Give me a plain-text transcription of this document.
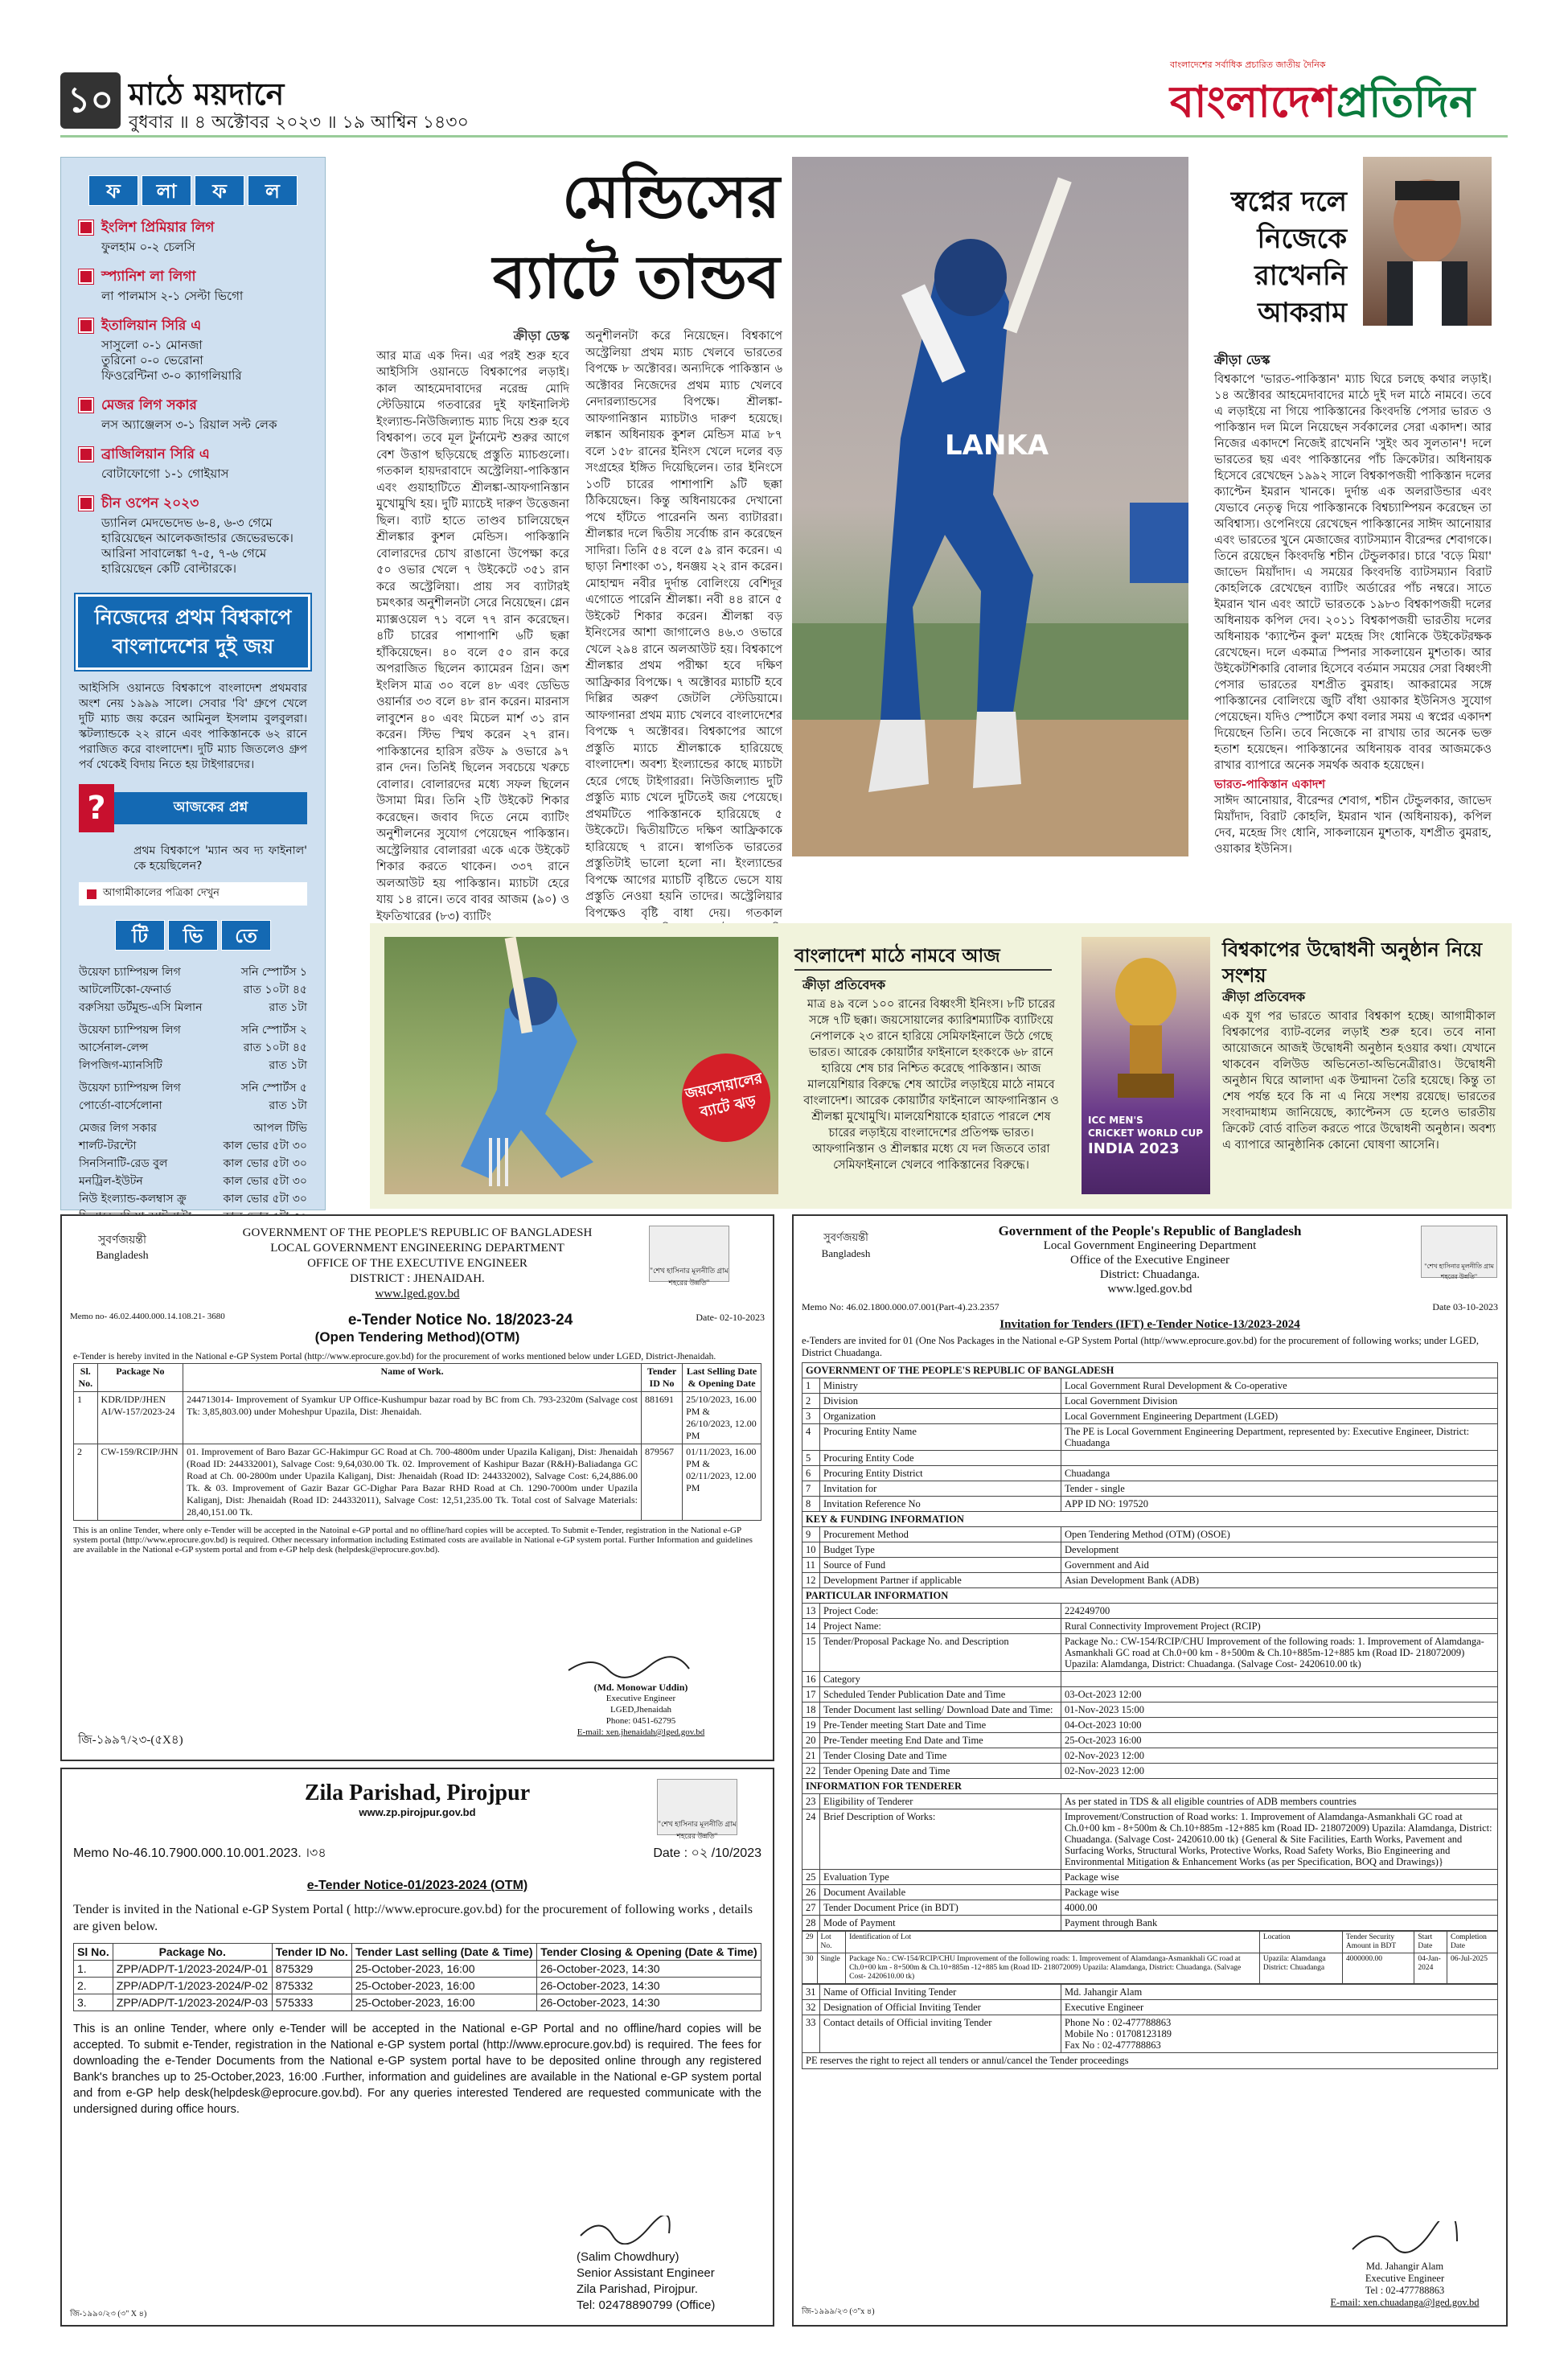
১০ মাঠে ময়দানে
বুধবার ॥ ৪ অক্টোবর ২০২৩ ॥ ১৯ আশ্বিন ১৪৩০
বাংলাদেশের সর্বাধিক প্রচারিত জাতীয় দৈনিক
বাংলাদেশপ্রতিদিন
ফ	লা	ফ	ল
ইংলিশ প্রিমিয়ার লিগ
ফুলহাম ০-২ চেলসি
স্প্যানিশ লা লিগা
লা পালমাস ২-১ সেল্টা ভিগো
ইতালিয়ান সিরি এ
সাসুলো ০-১ মোনজা
তুরিনো ০-০ ভেরোনা
ফিওরেন্টিনা ৩-০ ক্যাগলিয়ারি
মেজর লিগ সকার
লস অ্যাঞ্জেলস ৩-১ রিয়াল সল্ট লেক
ব্রাজিলিয়ান সিরি এ
বোটাফোগো ১-১ গোইয়াস
চীন ওপেন ২০২৩
ড্যানিল মেদভেদেভ ৬-৪, ৬-৩ গেমে হারিয়েছেন আলেকজান্ডার জেভেরভকে।
আরিনা সাবালেঙ্কা ৭-৫, ৭-৬ গেমে হারিয়েছেন কেটি বোল্টারকে।
নিজেদের প্রথম বিশ্বকাপে বাংলাদেশের দুই জয়
আইসিসি ওয়ানডে বিশ্বকাপে বাংলাদেশ প্রথমবার অংশ নেয় ১৯৯৯ সালে। সেবার 'বি' গ্রুপে খেলে দুটি ম্যাচ জয় করেন আমিনুল ইসলাম বুলবুলরা। স্কটল্যান্ডকে ২২ রানে এবং পাকিস্তানকে ৬২ রানে পরাজিত করে বাংলাদেশ। দুটি ম্যাচ জিতলেও গ্রুপ পর্ব থেকেই বিদায় নিতে হয় টাইগারদের।
?	আজকের প্রশ্ন
প্রথম বিশ্বকাপে 'ম্যান অব দ্য ফাইনাল' কে হয়েছিলেন?
আগামীকালের পত্রিকা দেখুন
টি	ভি	তে
উয়েফা চ্যাম্পিয়ন্স লিগ	সনি স্পোর্টস ১
আটলেটিকো-ফেনার্ড	রাত ১০টা ৪৫
বরুসিয়া ডর্টমুন্ড-এসি মিলান	রাত ১টা
উয়েফা চ্যাম্পিয়ন্স লিগ	সনি স্পোর্টস ২
আর্সেনাল-লেন্স	রাত ১০টা ৪৫
লিপজিগ-ম্যানসিটি	রাত ১টা
উয়েফা চ্যাম্পিয়ন্স লিগ	সনি স্পোর্টস ৫
পোর্তো-বার্সেলোনা	রাত ১টা
মেজর লিগ সকার	আপল টিভি
শার্লট-টরন্টো	কাল ভোর ৫টা ৩০
সিনসিনাটি-রেড বুল	কাল ভোর ৫টা ৩০
মনট্রিল-ইউটন	কাল ভোর ৫টা ৩০
নিউ ইংল্যান্ড-কলম্বাস ক্রু	কাল ভোর ৫টা ৩০
মেন্ডিসের
ব্যাটে তান্ডব
ক্রীড়া ডেস্ক
আর মাত্র এক দিন। এর পরই শুরু হবে আইসিসি ওয়ানডে বিশ্বকাপের লড়াই। কাল আহমেদাবাদের নরেন্দ্র মোদি স্টেডিয়ামে গতবারের দুই ফাইনালিস্ট ইংল্যান্ড-নিউজিল্যান্ড ম্যাচ দিয়ে শুরু হবে বিশ্বকাপ। তবে মূল টুর্নামেন্ট শুরুর আগে বেশ উত্তাপ ছড়িয়েছে প্রস্তুতি ম্যাচগুলো। গতকাল হায়দরাবাদে অস্ট্রেলিয়া-পাকিস্তান এবং গুয়াহাটিতে শ্রীলঙ্কা-আফগানিস্তান মুখোমুখি হয়। দুটি ম্যাচেই দারুণ উত্তেজনা ছিল। ব্যাট হাতে তাণ্ডব চালিয়েছেন শ্রীলঙ্কার কুশল মেন্ডিস। পাকিস্তানি বোলারদের চোখ রাঙানো উপেক্ষা করে ৫০ ওভার খেলে ৭ উইকেটে ৩৫১ রান করে অস্ট্রেলিয়া। প্রায় সব ব্যাটারই চমৎকার অনুশীলনটা সেরে নিয়েছেন। গ্লেন ম্যাক্সওয়েল ৭১ বলে ৭৭ রান করেছেন। ৪টি চারের পাশাপাশি ৬টি ছক্কা হাঁকিয়েছেন। ৪০ বলে ৫০ রান করে অপরাজিত ছিলেন ক্যামেরন গ্রিন। জশ ইংলিস মাত্র ৩০ বলে ৪৮ এবং ডেভিড ওয়ার্নার ৩৩ বলে ৪৮ রান করেন। মারনাস লাবুশেন ৪০ এবং মিচেল মার্শ ৩১ রান করেন। স্টিভ স্মিথ করেন ২৭ রান। পাকিস্তানের হারিস রউফ ৯ ওভারে ৯৭ রান দেন। তিনিই ছিলেন সবচেয়ে খরুচে বোলার। বোলারদের মধ্যে সফল ছিলেন উসামা মির। তিনি ২টি উইকেট শিকার করেছেন। জবাব দিতে নেমে ব্যাটিং অনুশীলনের সুযোগ পেয়েছেন পাকিস্তান। অস্ট্রেলিয়ার বোলাররা একে একে উইকেট শিকার করতে থাকেন। ৩৩৭ রানে অলআউট হয় পাকিস্তান। ম্যাচটা হেরে যায় ১৪ রানে। তবে বাবর আজম (৯০) ও ইফতিখারের (৮৩) ব্যাটিং
অনুশীলনটা করে নিয়েছেন। বিশ্বকাপে অস্ট্রেলিয়া প্রথম ম্যাচ খেলবে ভারতের বিপক্ষে ৮ অক্টোবর। অন্যদিকে পাকিস্তান ৬ অক্টোবর নিজেদের প্রথম ম্যাচ খেলবে নেদারল্যান্ডসের বিপক্ষে। শ্রীলঙ্কা-আফগানিস্তান ম্যাচটাও দারুণ হয়েছে। লঙ্কান অধিনায়ক কুশল মেন্ডিস মাত্র ৮৭ বলে ১৫৮ রানের ইনিংস খেলে দলের বড় সংগ্রহের ইঙ্গিত দিয়েছিলেন। তার ইনিংসে ১৩টি চারের পাশাপাশি ৯টি ছক্কা ঠিকিয়েছেন। কিন্তু অধিনায়কের দেখানো পথে হাঁটতে পারেননি অন্য ব্যাটাররা। শ্রীলঙ্কার দলে দ্বিতীয় সর্বোচ্চ রান করেছেন সাদিরা। তিনি ৫৪ বলে ৫৯ রান করেন। এ ছাড়া নিশাংকা ৩১, ধনঞ্জয় ২২ রান করেন। মোহাম্মদ নবীর দুর্দান্ত বোলিংয়ে বেশিদূর এগোতে পারেনি শ্রীলঙ্কা। নবী ৪৪ রানে ৫ উইকেট শিকার করেন। শ্রীলঙ্কা বড় ইনিংসের আশা জাগালেও ৪৬.৩ ওভারে খেলে ২৯৪ রানে অলআউট হয়। বিশ্বকাপে শ্রীলঙ্কার প্রথম পরীক্ষা হবে দক্ষিণ আফ্রিকার বিপক্ষে। ৭ অক্টোবর ম্যাচটি হবে দিল্লির অরুণ জেটলি স্টেডিয়ামে। আফগানরা প্রথম ম্যাচ খেলবে বাংলাদেশের বিপক্ষে ৭ অক্টোবর। বিশ্বকাপের আগে প্রস্তুতি ম্যাচে শ্রীলঙ্কাকে হারিয়েছে বাংলাদেশ। অবশ্য ইংল্যান্ডের কাছে ম্যাচটা হেরে গেছে টাইগাররা। নিউজিল্যান্ড দুটি প্রস্তুতি ম্যাচ খেলে দুটিতেই জয় পেয়েছে। প্রথমটিতে পাকিস্তানকে হারিয়েছে ৫ উইকেটে। দ্বিতীয়টিতে দক্ষিণ আফ্রিকাকে হারিয়েছে ৭ রানে। স্বাগতিক ভারতের প্রস্তুতিটাই ভালো হলো না। ইংল্যান্ডের বিপক্ষে আগের ম্যাচটি বৃষ্টিতে ভেসে যায় প্রস্তুতি নেওয়া হয়নি তাদের। অস্ট্রেলিয়ার বিপক্ষেও বৃষ্টি বাধা দেয়। গতকাল
LANKA
স্বপ্নের দলে নিজেকে রাখেননি আকরাম
ক্রীড়া ডেস্ক
বিশ্বকাপে 'ভারত-পাকিস্তান' ম্যাচ ঘিরে চলছে কথার লড়াই। ১৪ অক্টোবর আহমেদাবাদের মাঠে দুই দল মাঠে নামবে। তবে এ লড়াইয়ে না গিয়ে পাকিস্তানের কিংবদন্তি পেসার ভারত ও পাকিস্তান দল মিলে নিয়েছেন সর্বকালের সেরা একাদশ। আর নিজের একাদশে নিজেই রাখেননি 'সুইং অব সুলতান'! দলে ভারতের ছয় এবং পাকিস্তানের পাঁচ ক্রিকেটার। অধিনায়ক হিসেবে রেখেছেন ১৯৯২ সালে বিশ্বকাপজয়ী পাকিস্তান দলের ক্যাপ্টেন ইমরান খানকে। দুর্দান্ত এক অলরাউন্ডার এবং যেভাবে নেতৃত্ব দিয়ে পাকিস্তানকে বিশ্বচ্যাম্পিয়ন করেছেন তা অবিশ্বাস্য। ওপেনিংয়ে রেখেছেন পাকিস্তানের সাঈদ আনোয়ার এবং ভারতের খুনে মেজাজের ব্যাটসম্যান বীরেন্দর শেবাগকে। তিনে রয়েছেন কিংবদন্তি শচীন টেন্ডুলকার। চারে 'বড়ে মিয়া' জাভেদ মিয়াঁদাদ। এ সময়ের কিংবদন্তি ব্যাটসম্যান বিরাট কোহলিকে রেখেছেন ব্যাটিং অর্ডারের পাঁচ নম্বরে। সাতে ইমরান খান এবং আটে ভারতকে ১৯৮৩ বিশ্বকাপজয়ী দলের অধিনায়ক কপিল দেব। ২০১১ বিশ্বকাপজয়ী ভারতীয় দলের অধিনায়ক 'ক্যাপ্টেন কুল' মহেন্দ্র সিং ধোনিকে উইকেটরক্ষক রেখেছেন। দলে একমাত্র স্পিনার সাকলায়েন মুশতাক। আর উইকেটশিকারি বোলার হিসেবে বর্তমান সময়ের সেরা বিধ্বংসী পেসার ভারতের যশপ্রীত বুমরাহ। আকরামের সঙ্গে পাকিস্তানের বোলিংয়ে জুটি বাঁধা ওয়াকার ইউনিসও সুযোগ পেয়েছেন। যদিও স্পোর্টসে কথা বলার সময় এ স্বপ্নের একাদশ দিয়েছেন তিনি। তবে নিজেকে না রাখায় তার অনেক ভক্ত হতাশ হয়েছেন। পাকিস্তানের অধিনায়ক বাবর আজমকেও রাখার ব্যাপারে অনেক সমর্থক অবাক হয়েছেন।
ভারত-পাকিস্তান একাদশ
সাঈদ আনোয়ার, বীরেন্দর শেবাগ, শচীন টেন্ডুলকার, জাভেদ মিয়াঁদাদ, বিরাট কোহলি, ইমরান খান (অধিনায়ক), কপিল দেব, মহেন্দ্র সিং ধোনি, সাকলায়েন মুশতাক, যশপ্রীত বুমরাহ, ওয়াকার ইউনিস।
জয়সোয়ালের ব্যাটে ঝড়
বাংলাদেশ মাঠে নামবে আজ
ক্রীড়া প্রতিবেদক
মাত্র ৪৯ বলে ১০০ রানের বিধ্বংসী ইনিংস। ৮টি চারের সঙ্গে ৭টি ছক্কা। জয়সোয়ালের ক্যারিশম্যাটিক ব্যাটিংয়ে নেপালকে ২৩ রানে হারিয়ে সেমিফাইনালে উঠে গেছে ভারত। আরেক কোয়ার্টার ফাইনালে হংকংকে ৬৮ রানে হারিয়ে শেষ চার নিশ্চিত করেছে পাকিস্তান। আজ মালয়েশিয়ার বিরুদ্ধে শেষ আটের লড়াইয়ে মাঠে নামবে বাংলাদেশ। আরেক কোয়ার্টার ফাইনালে আফগানিস্তান ও শ্রীলঙ্কা মুখোমুখি। মালয়েশিয়াকে হারাতে পারলে শেষ চারের লড়াইয়ে বাংলাদেশের প্রতিপক্ষ ভারত। আফগানিস্তান ও শ্রীলঙ্কার মধ্যে যে দল জিতবে তারা সেমিফাইনালে খেলবে পাকিস্তানের বিরুদ্ধে।
ICC MEN'S
CRICKET WORLD CUP
INDIA 2023
বিশ্বকাপের উদ্বোধনী অনুষ্ঠান নিয়ে সংশয়
ক্রীড়া প্রতিবেদক
এক যুগ পর ভারতে আবার বিশ্বকাপ হচ্ছে। আগামীকাল বিশ্বকাপের ব্যাট-বলের লড়াই শুরু হবে। তবে নানা আয়োজনে আজই উদ্বোধনী অনুষ্ঠান হওয়ার কথা। যেখানে থাকবেন বলিউড অভিনেতা-অভিনেত্রীরাও। উদ্বোধনী অনুষ্ঠান ঘিরে আলাদা এক উন্মাদনা তৈরি হয়েছে। কিন্তু তা শেষ পর্যন্ত হবে কি না এ নিয়ে সংশয় রয়েছে। ভারতের সংবাদমাধ্যম জানিয়েছে, ক্যাপ্টেনস ডে হলেও ভারতীয় ক্রিকেট বোর্ড বাতিল করতে পারে উদ্বোধনী অনুষ্ঠান। অবশ্য এ ব্যাপারে আনুষ্ঠানিক কোনো ঘোষণা আসেনি।
সুবর্ণজয়ন্তী Bangladesh
"শেখ হাসিনার মূলনীতি গ্রাম শহরের উন্নতি"
GOVERNMENT OF THE PEOPLE'S REPUBLIC OF BANGLADESH
LOCAL GOVERNMENT ENGINEERING DEPARTMENT
OFFICE OF THE EXECUTIVE ENGINEER
DISTRICT : JHENAIDAH.
www.lged.gov.bd
Memo no- 46.02.4400.000.14.108.21- 3680	e-Tender Notice No. 18/2023-24	Date- 02-10-2023
(Open Tendering Method)(OTM)
e-Tender is hereby invited in the National e-GP System Portal (http://www.eprocure.gov.bd) for the procurement of works mentioned below under LGED, District-Jhenaidah.
Sl. No.	Package No	Name of Work.	Tender ID No	Last Selling Date & Opening Date
1	KDR/IDP/JHEN AI/W-157/2023-24	244713014- Improvement of Syamkur UP Office-Kushumpur bazar road by BC from Ch. 793-2320m (Salvage cost Tk: 3,85,803.00) under Moheshpur Upazila, Dist: Jhenaidah.	881691	25/10/2023, 16.00 PM & 26/10/2023, 12.00 PM
2	CW-159/RCIP/JHN	01. Improvement of Baro Bazar GC-Hakimpur GC Road at Ch. 700-4800m under Upazila Kaliganj, Dist: Jhenaidah (Road ID: 244332001), Salvage Cost: 9,64,030.00 Tk. 02. Improvement of Kashipur Bazar (R&H)-Baliadanga GC Road at Ch. 00-2800m under Upazila Kaliganj, Dist: Jhenaidah (Road ID: 244332002), Salvage Cost: 6,24,886.00 Tk. & 03. Improvement of Gazir Bazar GC-Dighar Para Bazar RHD Road at Ch. 1290-7000m under Upazila Kaliganj, Dist: Jhenaidah (Road ID: 244332011), Salvage Cost: 12,51,235.00 Tk. Total cost of Salvage Materials: 28,40,151.00 Tk.	879567	01/11/2023, 16.00 PM & 02/11/2023, 12.00 PM
This is an online Tender, where only e-Tender will be accepted in the Natoinal e-GP portal and no offline/hard copies will be accepted. To Submit e-Tender, registration in the National e-GP system portal (http://www.eprocure.gov.bd) is required. Other necessary information including Estimated costs are available in National e-GP system portal. Further Information and guidelines are available in the National e-GP system portal and from e-GP help desk (helpdesk@eprocure.gov.bd).
(Md. Monowar Uddin)
Executive Engineer
LGED,Jhenaidah
Phone: 0451-62795
E-mail: xen.jhenaidah@lged.gov.bd
জি-১৯৯৭/২৩-(৫X৪)
Zila Parishad, Pirojpur
www.zp.pirojpur.gov.bd
"শেখ হাসিনার মূলনীতি গ্রাম শহরের উন্নতি"
Memo No-46.10.7900.000.10.001.2023. ।৩৪	Date : ০২ /10/2023
e-Tender Notice-01/2023-2024 (OTM)
Tender is invited in the National e-GP System Portal ( http://www.eprocure.gov.bd) for the procurement of following works , details are given below.
Sl No.	Package No.	Tender ID No.	Tender Last selling (Date & Time)	Tender Closing & Opening (Date & Time)
1.	ZPP/ADP/T-1/2023-2024/P-01	875329	25-October-2023, 16:00	26-October-2023, 14:30
2.	ZPP/ADP/T-1/2023-2024/P-02	875332	25-October-2023, 16:00	26-October-2023, 14:30
3.	ZPP/ADP/T-1/2023-2024/P-03	575333	25-October-2023, 16:00	26-October-2023, 14:30
This is an online Tender, where only e-Tender will be accepted in the National e-GP Portal and no offline/hard copies will be accepted. To submit e-Tender, registration in the National e-GP system portal (http://www.eprocure.gov.bd) is required. The fees for downloading the e-Tender Documents from the National e-GP system portal have to be deposited online through any registered Bank's branches up to 25-October,2023, 16:00 .Further, information and guidelines are available in the National e-GP system portal and from e-GP help desk(helpdesk@eprocure.gov.bd). For any queries interested Tendered are requested communicate with the undersigned during office hours.
(Salim Chowdhury)
Senior Assistant Engineer
Zila Parishad, Pirojpur.
Tel: 02478890799 (Office)
জি-১৯৯০/২৩ (৩" X ৪)
সুবর্ণজয়ন্তী Bangladesh
"শেখ হাসিনার মূলনীতি গ্রাম শহরের উন্নতি"
Government of the People's Republic of Bangladesh
Local Government Engineering Department
Office of the Executive Engineer
District: Chuadanga.
www.lged.gov.bd
Memo No: 46.02.1800.000.07.001(Part-4).23.2357	Date 03-10-2023
Invitation for Tenders (IFT) e-Tender Notice-13/2023-2024
e-Tenders are invited for 01 (One Nos Packages in the National e-GP System Portal (http//www.eprocure.gov.bd) for the procurement of following works; under LGED, District Chuadanga.
GOVERNMENT OF THE PEOPLE'S REPUBLIC OF BANGLADESH		
1	Ministry	Local Government Rural Development & Co-operative
2	Division	Local Government Division
3	Organization	Local Government Engineering Department (LGED)
4	Procuring Entity Name	The PE is Local Government Engineering Department, represented by: Executive Engineer, District: Chuadanga
5	Procuring Entity Code	
6	Procuring Entity District	Chuadanga
7	Invitation for	Tender - single
8	Invitation Reference No	APP ID NO: 197520
KEY & FUNDING INFORMATION		
9	Procurement Method	Open Tendering Method (OTM) (OSOE)
10	Budget Type	Development
11	Source of Fund	Government and Aid
12	Development Partner if applicable	Asian Development Bank (ADB)
PARTICULAR INFORMATION		
13	Project Code:	224249700
14	Project Name:	Rural Connectivity Improvement Project (RCIP)
15	Tender/Proposal Package No. and Description	Package No.: CW-154/RCIP/CHU Improvement of the following roads: 1. Improvement of Alamdanga-Asmankhali GC road at Ch.0+00 km - 8+500m & Ch.10+885m-12+885 km (Road ID- 218072009) Upazila: Alamdanga, District: Chuadanga. (Salvage Cost- 2420610.00 tk)
16	Category	
17	Scheduled Tender Publication Date and Time	03-Oct-2023 12:00
18	Tender Document last selling/ Download Date and Time:	01-Nov-2023 15:00
19	Pre-Tender meeting Start Date and Time	04-Oct-2023 10:00
20	Pre-Tender meeting End Date and Time	25-Oct-2023 16:00
21	Tender Closing Date and Time	02-Nov-2023 12:00
22	Tender Opening Date and Time	02-Nov-2023 12:00
INFORMATION FOR TENDERER		
23	Eligibility of Tenderer	As per stated in TDS & all eligible countries of ADB members countries
24	Brief Description of Works:	Improvement/Construction of Road works: 1. Improvement of Alamdanga-Asmankhali GC road at Ch.0+00 km - 8+500m & Ch.10+885m -12+885 km (Road ID- 218072009) Upazila: Alamdanga, District: Chuadanga. (Salvage Cost- 2420610.00 tk) {General & Site Facilities, Earth Works, Pavement and Surfacing Works, Structural Works, Protective Works, Road Safety Works, Bio Engineering and Environmental Mitigation & Enhancement Works (as per Specification, BOQ and Drawings)}
25	Evaluation Type	Package wise
26	Document Available	Package wise
27	Tender Document Price (in BDT)	4000.00
28	Mode of Payment	Payment through Bank
29	Lot No.	Identification of Lot	Location	Tender Security Amount in BDT	Start Date	Completion Date
30	Single	Package No.: CW-154/RCIP/CHU Improvement of the following roads: 1. Improvement of Alamdanga-Asmankhali GC road at Ch.0+00 km - 8+500m & Ch.10+885m -12+885 km (Road ID- 218072009) Upazila: Alamdanga, District: Chuadanga. (Salvage Cost- 2420610.00 tk)	Upazila: Alamdanga District: Chuadanga	4000000.00	04-Jan-2024	06-Jul-2025
31	Name of Official Inviting Tender	Md. Jahangir Alam
32	Designation of Official Inviting Tender	Executive Engineer
33	Contact details of Official inviting Tender	Phone No : 02-477788863
Mobile No : 01708123189
Fax No : 02-477788863
PE reserves the right to reject all tenders or annul/cancel the Tender proceedings
Md. Jahangir Alam
Executive Engineer
Tel : 02-477788863
E-mail: xen.chuadanga@lged.gov.bd
জি-১৯৯৯/২৩ (৩"x ৪)
